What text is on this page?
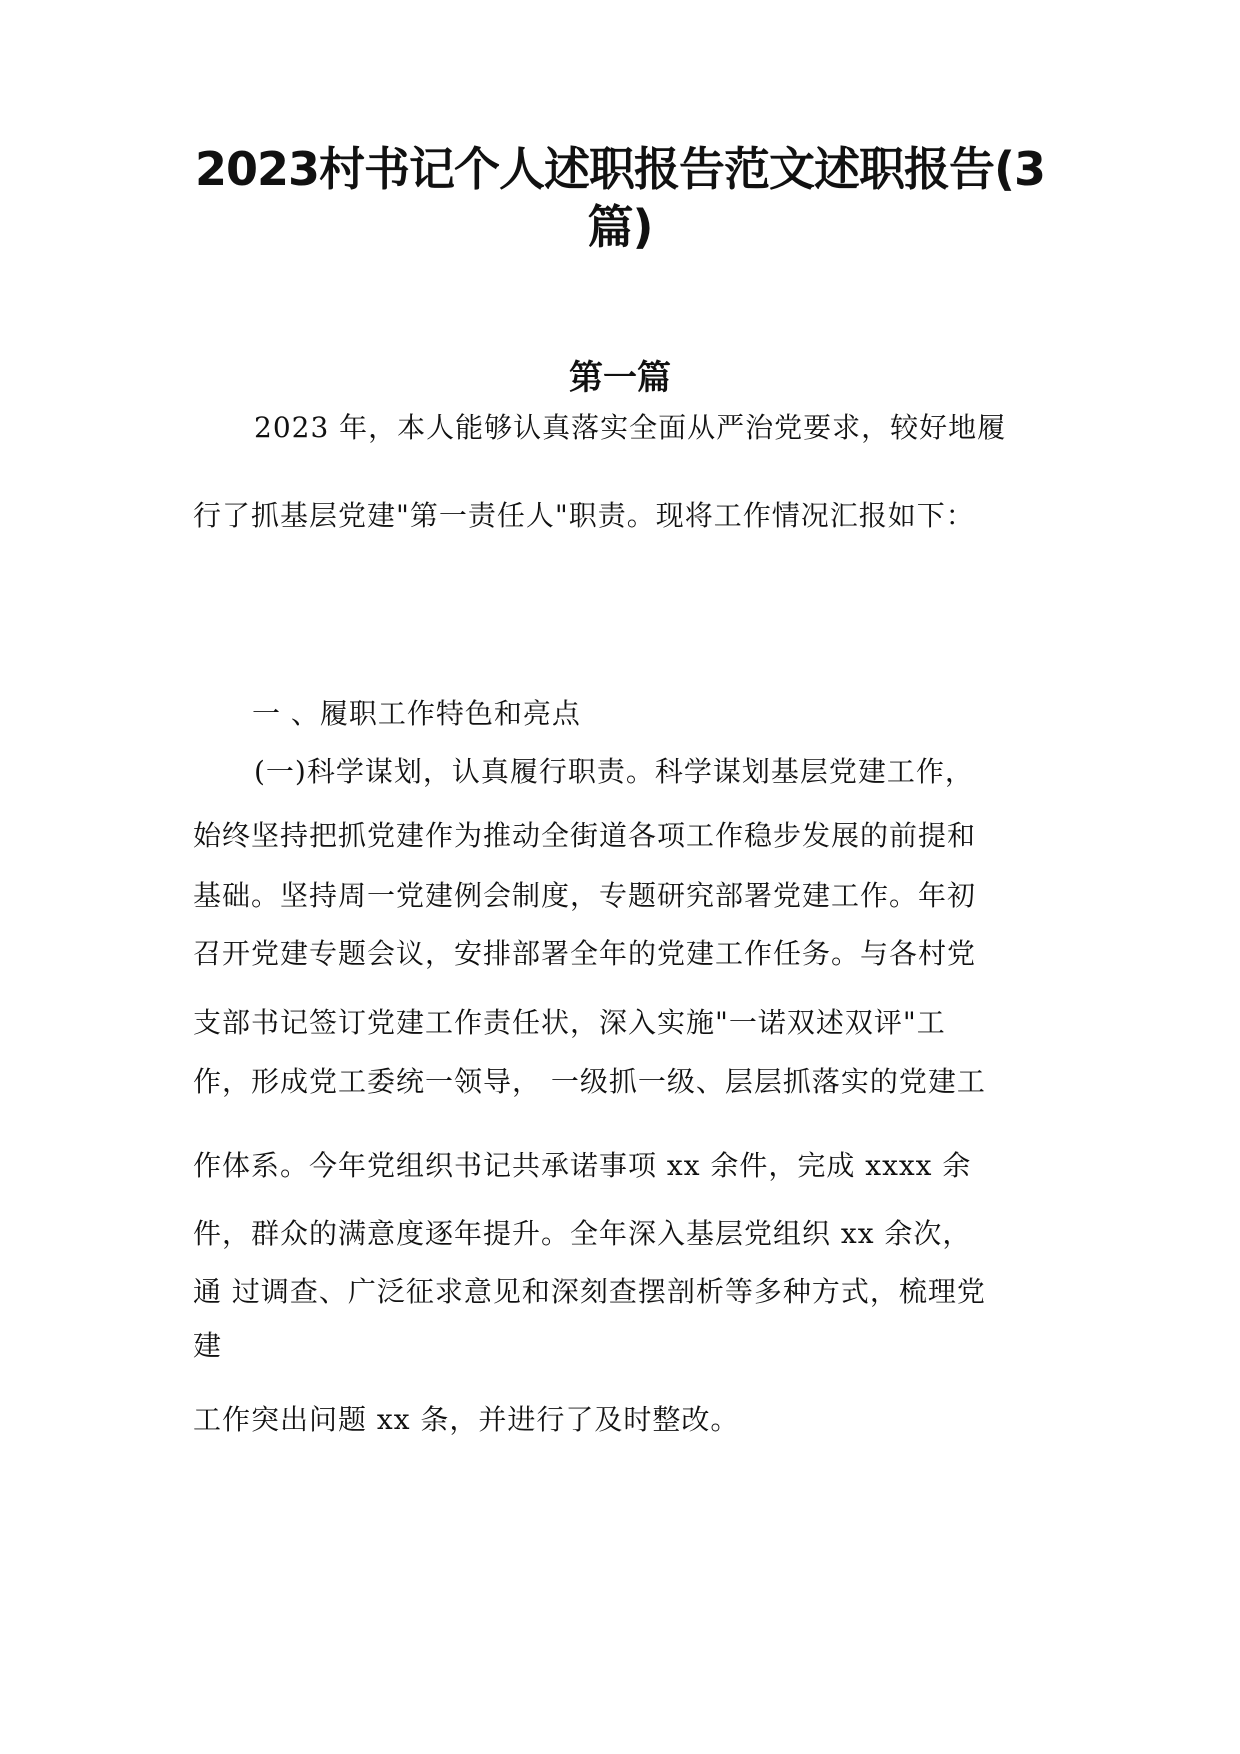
2023村书记个人述职报告范文述职报告(3
篇)
第一篇

2023 年，本人能够认真落实全面从严治党要求，较好地履

行了抓基层党建"第一责任人"职责。现将工作情况汇报如下：

一 、履职工作特色和亮点

(一)科学谋划，认真履行职责。科学谋划基层党建工作，

始终坚持把抓党建作为推动全街道各项工作稳步发展的前提和

基础。坚持周一党建例会制度，专题研究部署党建工作。年初

召开党建专题会议，安排部署全年的党建工作任务。与各村党

支部书记签订党建工作责任状，深入实施"一诺双述双评"工

作，形成党工委统一领导， 一级抓一级、层层抓落实的党建工

作体系。今年党组织书记共承诺事项 xx 余件，完成 xxxx 余

件，群众的满意度逐年提升。全年深入基层党组织 xx 余次，

通 过调查、广泛征求意见和深刻查摆剖析等多种方式，梳理党

建

工作突出问题 xx 条，并进行了及时整改。
